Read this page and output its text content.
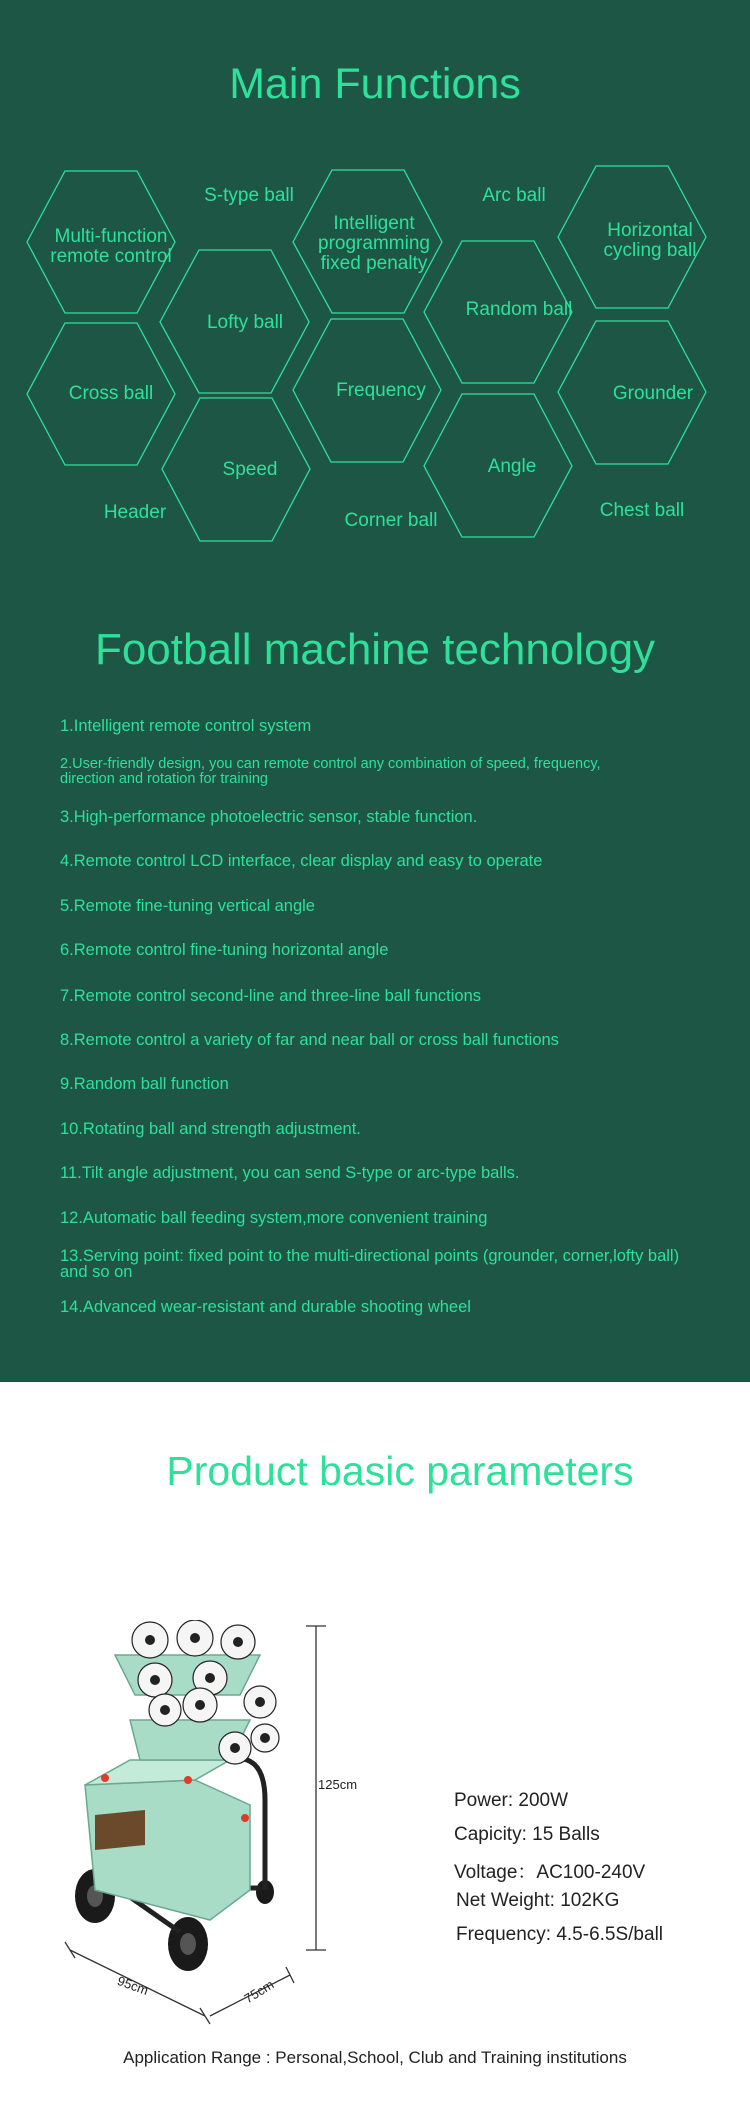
Main Functions
Multi-function
remote control
Lofty ball
Intelligent
programming
fixed penalty
Random ball
Horizontal
cycling ball
Cross ball
Speed
Frequency
Angle
Grounder
S-type ball	Arc ball
Header	Corner ball	Chest ball
Football machine technology
1.Intelligent remote control system
2.User-friendly design, you can remote control any combination of speed, frequency,
direction and rotation for training
3.High-performance photoelectric sensor, stable function.
4.Remote control LCD interface, clear display and easy to operate
5.Remote fine-tuning vertical angle
6.Remote control fine-tuning horizontal angle
7.Remote control second-line and three-line ball functions
8.Remote control a variety of far and near ball or cross ball functions
9.Random ball function
10.Rotating ball and strength adjustment.
11.Tilt angle adjustment, you can send S-type or arc-type balls.
12.Automatic ball feeding system,more convenient training
13.Serving point: fixed point to the multi-directional points (grounder, corner,lofty ball)
and so on
14.Advanced wear-resistant and durable shooting wheel
Product basic parameters
125cm
95cm	75cm
Power: 200W
Capicity: 15 Balls
Voltage：AC100-240V
Net Weight: 102KG
Frequency: 4.5-6.5S/ball
Application Range : Personal,School, Club and Training institutions
